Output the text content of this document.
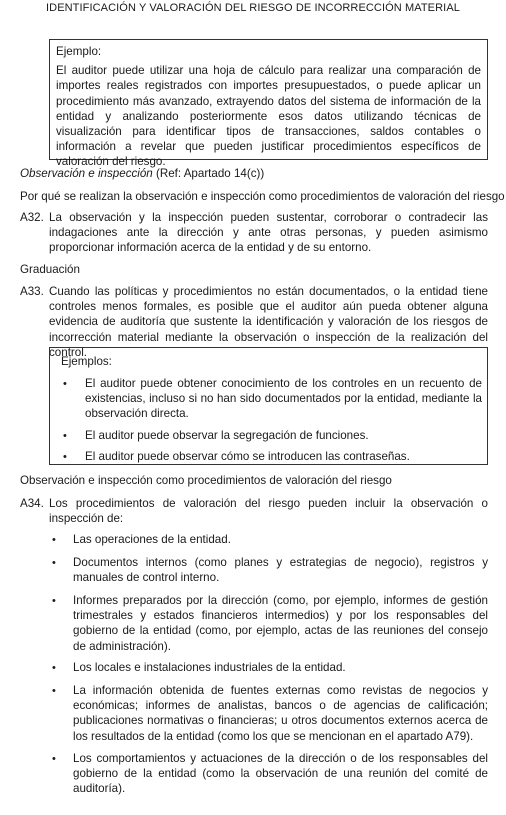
IDENTIFICACIÓN Y VALORACIÓN DEL RIESGO DE INCORRECCIÓN MATERIAL
Ejemplo:
El auditor puede utilizar una hoja de cálculo para realizar una comparación de importes reales registrados con importes presupuestados, o puede aplicar un procedimiento más avanzado, extrayendo datos del sistema de información de la entidad y analizando posteriormente esos datos utilizando técnicas de visualización para identificar tipos de transacciones, saldos contables o información a revelar que pueden justificar procedimientos específicos de valoración del riesgo.
Observación e inspección (Ref: Apartado 14(c))
Por qué se realizan la observación e inspección como procedimientos de valoración del riesgo
A32. La observación y la inspección pueden sustentar, corroborar o contradecir las indagaciones ante la dirección y ante otras personas, y pueden asimismo proporcionar información acerca de la entidad y de su entorno.
Graduación
A33. Cuando las políticas y procedimientos no están documentados, o la entidad tiene controles menos formales, es posible que el auditor aún pueda obtener alguna evidencia de auditoría que sustente la identificación y valoración de los riesgos de incorrección material mediante la observación o inspección de la realización del control.
Ejemplos:
• El auditor puede obtener conocimiento de los controles en un recuento de existencias, incluso si no han sido documentados por la entidad, mediante la observación directa.
• El auditor puede observar la segregación de funciones.
• El auditor puede observar cómo se introducen las contraseñas.
Observación e inspección como procedimientos de valoración del riesgo
A34. Los procedimientos de valoración del riesgo pueden incluir la observación o inspección de:
• Las operaciones de la entidad.
• Documentos internos (como planes y estrategias de negocio), registros y manuales de control interno.
• Informes preparados por la dirección (como, por ejemplo, informes de gestión trimestrales y estados financieros intermedios) y por los responsables del gobierno de la entidad (como, por ejemplo, actas de las reuniones del consejo de administración).
• Los locales e instalaciones industriales de la entidad.
• La información obtenida de fuentes externas como revistas de negocios y económicas; informes de analistas, bancos o de agencias de calificación; publicaciones normativas o financieras; u otros documentos externos acerca de los resultados de la entidad (como los que se mencionan en el apartado A79).
• Los comportamientos y actuaciones de la dirección o de los responsables del gobierno de la entidad (como la observación de una reunión del comité de auditoría).
